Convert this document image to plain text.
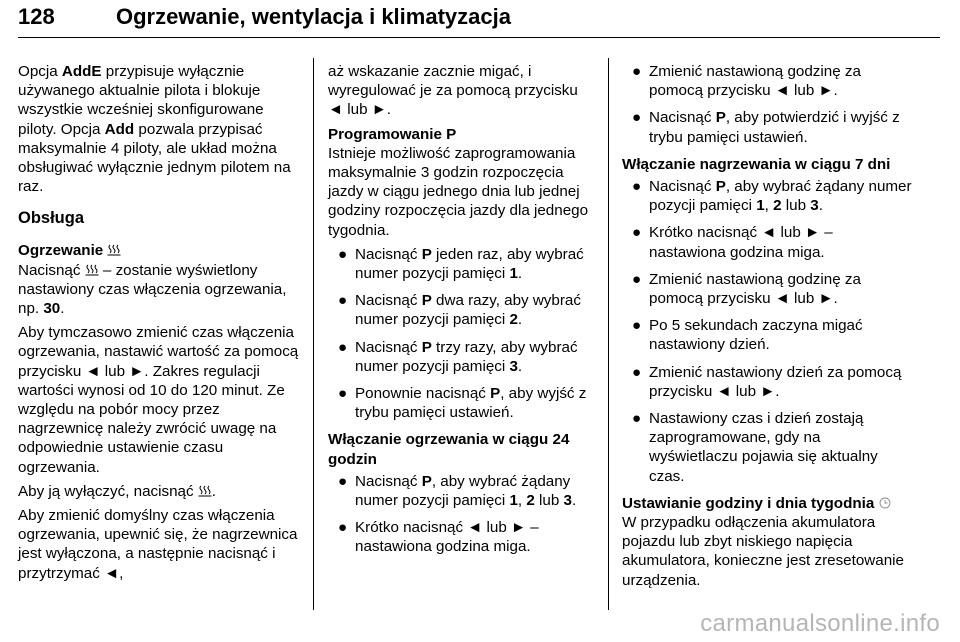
128	Ogrzewanie, wentylacja i klimatyzacja

Opcja AddE przypisuje wyłącznie używanego aktualnie pilota i blokuje wszystkie wcześniej skonfigurowane piloty. Opcja Add pozwala przypisać maksymalnie 4 piloty, ale układ można obsługiwać wyłącznie jednym pilotem na raz.

Obsługa
Ogrzewanie

Nacisnąć  – zostanie wyświetlony nastawiony czas włączenia ogrzewania, np. 30.

Aby tymczasowo zmienić czas włączenia ogrzewania, nastawić wartość za pomocą przycisku ◄ lub ►. Zakres regulacji wartości wynosi od 10 do 120 minut. Ze względu na pobór mocy przez nagrzewnicę należy zwrócić uwagę na odpowiednie ustawienie czasu ogrzewania.

Aby ją wyłączyć, nacisnąć .

Aby zmienić domyślny czas włączenia ogrzewania, upewnić się, że nagrzewnica jest wyłączona, a następnie nacisnąć i przytrzymać ◄,

aż wskazanie zacznie migać, i wyregulować je za pomocą przycisku ◄ lub ►.

Programowanie P

Istnieje możliwość zaprogramowania maksymalnie 3 godzin rozpoczęcia jazdy w ciągu jednego dnia lub jednej godziny rozpoczęcia jazdy dla jednego tygodnia.

● Nacisnąć P jeden raz, aby wybrać numer pozycji pamięci 1.
● Nacisnąć P dwa razy, aby wybrać numer pozycji pamięci 2.
● Nacisnąć P trzy razy, aby wybrać numer pozycji pamięci 3.
● Ponownie nacisnąć P, aby wyjść z trybu pamięci ustawień.
Włączanie ogrzewania w ciągu 24 godzin
● Nacisnąć P, aby wybrać żądany numer pozycji pamięci 1, 2 lub 3.
● Krótko nacisnąć ◄ lub ► – nastawiona godzina miga.
● Zmienić nastawioną godzinę za pomocą przycisku ◄ lub ►.
● Nacisnąć P, aby potwierdzić i wyjść z trybu pamięci ustawień.
Włączanie nagrzewania w ciągu 7 dni
● Nacisnąć P, aby wybrać żądany numer pozycji pamięci 1, 2 lub 3.
● Krótko nacisnąć ◄ lub ► – nastawiona godzina miga.
● Zmienić nastawioną godzinę za pomocą przycisku ◄ lub ►.
● Po 5 sekundach zaczyna migać nastawiony dzień.
● Zmienić nastawiony dzień za pomocą przycisku ◄ lub ►.
● Nastawiony czas i dzień zostają zaprogramowane, gdy na wyświetlaczu pojawia się aktualny czas.
Ustawianie godziny i dnia tygodnia

W przypadku odłączenia akumulatora pojazdu lub zbyt niskiego napięcia akumulatora, konieczne jest zresetowanie urządzenia.

carmanualsonline.info
